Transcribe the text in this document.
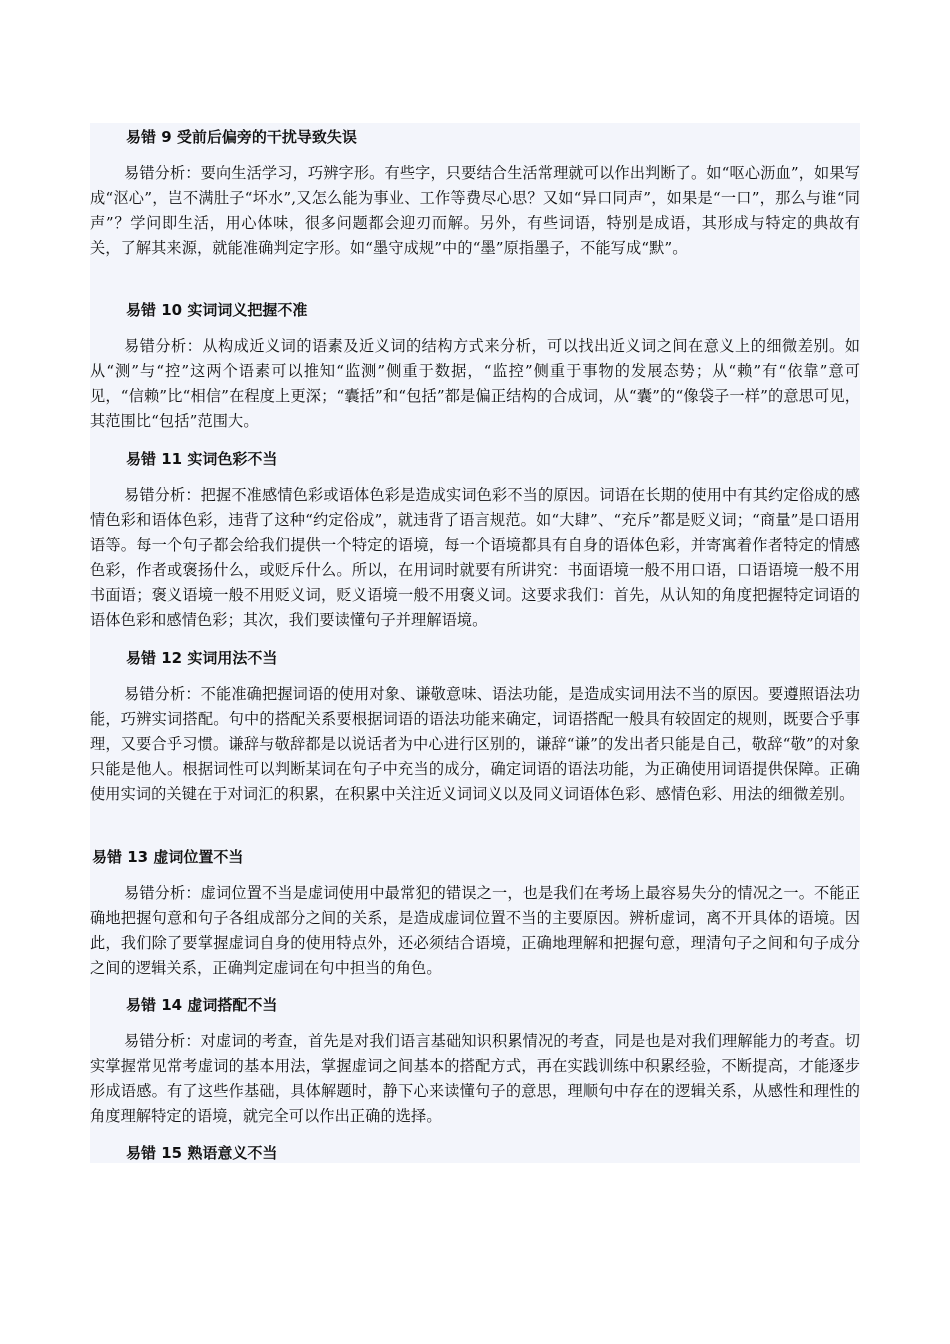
易错 9 受前后偏旁的干扰导致失误
易错分析：要向生活学习，巧辨字形。有些字，只要结合生活常理就可以作出判断了。如“呕心沥血”，如果写成“沤心”，岂不满肚子“坏水”,又怎么能为事业、工作等费尽心思？又如“异口同声”，如果是“一口”，那么与谁“同声”？学问即生活，用心体味，很多问题都会迎刃而解。另外，有些词语，特别是成语，其形成与特定的典故有关，了解其来源，就能准确判定字形。如“墨守成规”中的“墨”原指墨子，不能写成“默”。
易错 10 实词词义把握不准
易错分析：从构成近义词的语素及近义词的结构方式来分析，可以找出近义词之间在意义上的细微差别。如从“测”与“控”这两个语素可以推知“监测”侧重于数据，“监控”侧重于事物的发展态势；从“赖”有“依靠”意可见，“信赖”比“相信”在程度上更深；“囊括”和“包括”都是偏正结构的合成词，从“囊”的“像袋子一样”的意思可见，其范围比“包括”范围大。
易错 11 实词色彩不当
易错分析：把握不准感情色彩或语体色彩是造成实词色彩不当的原因。词语在长期的使用中有其约定俗成的感情色彩和语体色彩，违背了这种“约定俗成”，就违背了语言规范。如“大肆”、“充斥”都是贬义词；“商量”是口语用语等。每一个句子都会给我们提供一个特定的语境，每一个语境都具有自身的语体色彩，并寄寓着作者特定的情感色彩，作者或褒扬什么，或贬斥什么。所以，在用词时就要有所讲究：书面语境一般不用口语，口语语境一般不用书面语；褒义语境一般不用贬义词，贬义语境一般不用褒义词。这要求我们：首先，从认知的角度把握特定词语的语体色彩和感情色彩；其次，我们要读懂句子并理解语境。
易错 12 实词用法不当
易错分析：不能准确把握词语的使用对象、谦敬意味、语法功能，是造成实词用法不当的原因。要遵照语法功能，巧辨实词搭配。句中的搭配关系要根据词语的语法功能来确定，词语搭配一般具有较固定的规则，既要合乎事理，又要合乎习惯。谦辞与敬辞都是以说话者为中心进行区别的，谦辞“谦”的发出者只能是自己，敬辞“敬”的对象只能是他人。根据词性可以判断某词在句子中充当的成分，确定词语的语法功能，为正确使用词语提供保障。正确使用实词的关键在于对词汇的积累，在积累中关注近义词词义以及同义词语体色彩、感情色彩、用法的细微差别。
易错 13 虚词位置不当
易错分析：虚词位置不当是虚词使用中最常犯的错误之一，也是我们在考场上最容易失分的情况之一。不能正确地把握句意和句子各组成部分之间的关系，是造成虚词位置不当的主要原因。辨析虚词，离不开具体的语境。因此，我们除了要掌握虚词自身的使用特点外，还必须结合语境，正确地理解和把握句意，理清句子之间和句子成分之间的逻辑关系，正确判定虚词在句中担当的角色。
易错 14 虚词搭配不当
易错分析：对虚词的考查，首先是对我们语言基础知识积累情况的考查，同是也是对我们理解能力的考查。切实掌握常见常考虚词的基本用法，掌握虚词之间基本的搭配方式，再在实践训练中积累经验，不断提高，才能逐步形成语感。有了这些作基础，具体解题时，静下心来读懂句子的意思，理顺句中存在的逻辑关系，从感性和理性的角度理解特定的语境，就完全可以作出正确的选择。
易错 15 熟语意义不当
